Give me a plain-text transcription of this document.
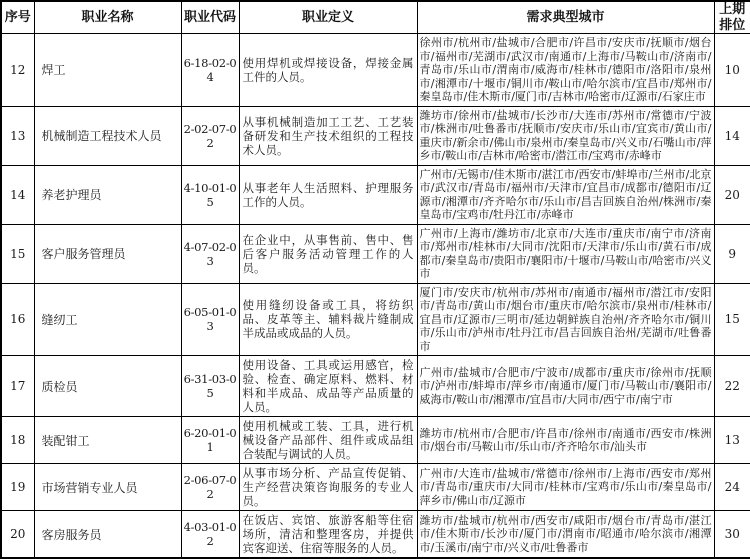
序号	职业名称	职业代码	职业定义	需求典型城市	上期排位
12	焊工	6-18-02-04	使用焊机或焊接设备，焊接金属工件的人员。	徐州市/杭州市/盐城市/合肥市/许昌市/安庆市/抚顺市/烟台市/福州市/芜湖市/武汉市/南通市/上海市/马鞍山市/济南市/青岛市/乐山市/渭南市/威海市/桂林市/德阳市/洛阳市/泉州市/湘潭市/十堰市/铜川市/鞍山市/哈尔滨市/宜昌市/郑州市/秦皇岛市/佳木斯市/厦门市/吉林市/哈密市/辽源市/石家庄市	10
13	机械制造工程技术人员	2-02-07-02	从事机械制造加工工艺、工艺装备研发和生产技术组织的工程技术人员。	潍坊市/徐州市/盐城市/长沙市/大连市/苏州市/常德市/宁波市/株洲市/吐鲁番市/抚顺市/安庆市/乐山市/宜宾市/黄山市/重庆市/新余市/佛山市/泉州市/秦皇岛市/兴义市/石嘴山市/萍乡市/鞍山市/吉林市/哈密市/潜江市/宝鸡市/赤峰市	14
14	养老护理员	4-10-01-05	从事老年人生活照料、护理服务工作的人员。	广州市/无锡市/佳木斯市/湛江市/西安市/蚌埠市/兰州市/北京市/武汉市/青岛市/福州市/天津市/宜昌市/成都市/德阳市/辽源市/湘潭市/齐齐哈尔市/乐山市/昌吉回族自治州/株洲市/秦皇岛市/宝鸡市/牡丹江市/赤峰市	20
15	客户服务管理员	4-07-02-03	在企业中，从事售前、售中、售后客户服务活动管理工作的人员。	广州市/上海市/潍坊市/北京市/大连市/重庆市/南宁市/济南市/郑州市/桂林市/大同市/沈阳市/天津市/乐山市/黄石市/成都市/秦皇岛市/贵阳市/襄阳市/十堰市/马鞍山市/哈密市/兴义市	9
16	缝纫工	6-05-01-03	使用缝纫设备或工具，将纺织品、皮革等主、辅料裁片缝制成半成品或成品的人员。	厦门市/安庆市/杭州市/苏州市/南通市/福州市/潜江市/安阳市/青岛市/黄山市/烟台市/重庆市/哈尔滨市/泉州市/桂林市/宜昌市/辽源市/三明市/延边朝鲜族自治州/齐齐哈尔市/铜川市/乐山市/泸州市/牡丹江市/昌吉回族自治州/芜湖市/吐鲁番市	15
17	质检员	6-31-03-05	使用设备、工具或运用感官，检验、检查、确定原料、燃料、材料和半成品、成品等产品质量的人员。	广州市/盐城市/合肥市/宁波市/成都市/重庆市/徐州市/抚顺市/泸州市/蚌埠市/萍乡市/南通市/厦门市/马鞍山市/襄阳市/威海市/鞍山市/湘潭市/宜昌市/大同市/西宁市/南宁市	22
18	装配钳工	6-20-01-01	使用机械或工装、工具，进行机械设备产品部件、组件或成品组合装配与调试的人员。	潍坊市/杭州市/合肥市/许昌市/徐州市/南通市/西安市/株洲市/烟台市/马鞍山市/乐山市/齐齐哈尔市/汕头市	13
19	市场营销专业人员	2-06-07-02	从事市场分析、产品宣传促销、生产经营决策咨询服务的专业人员。	广州市/大连市/盐城市/常德市/徐州市/上海市/西安市/郑州市/青岛市/重庆市/大同市/桂林市/宝鸡市/乐山市/秦皇岛市/萍乡市/佛山市/辽源市	24
20	客房服务员	4-03-01-02	在饭店、宾馆、旅游客船等住宿场所，清洁和整理客房，并提供宾客迎送、住宿等服务的人员。	潍坊市/盐城市/杭州市/西安市/咸阳市/烟台市/青岛市/湛江市/佳木斯市/长沙市/厦门市/渭南市/昭通市/哈尔滨市/湘潭市/玉溪市/南宁市/兴义市/吐鲁番市	30
